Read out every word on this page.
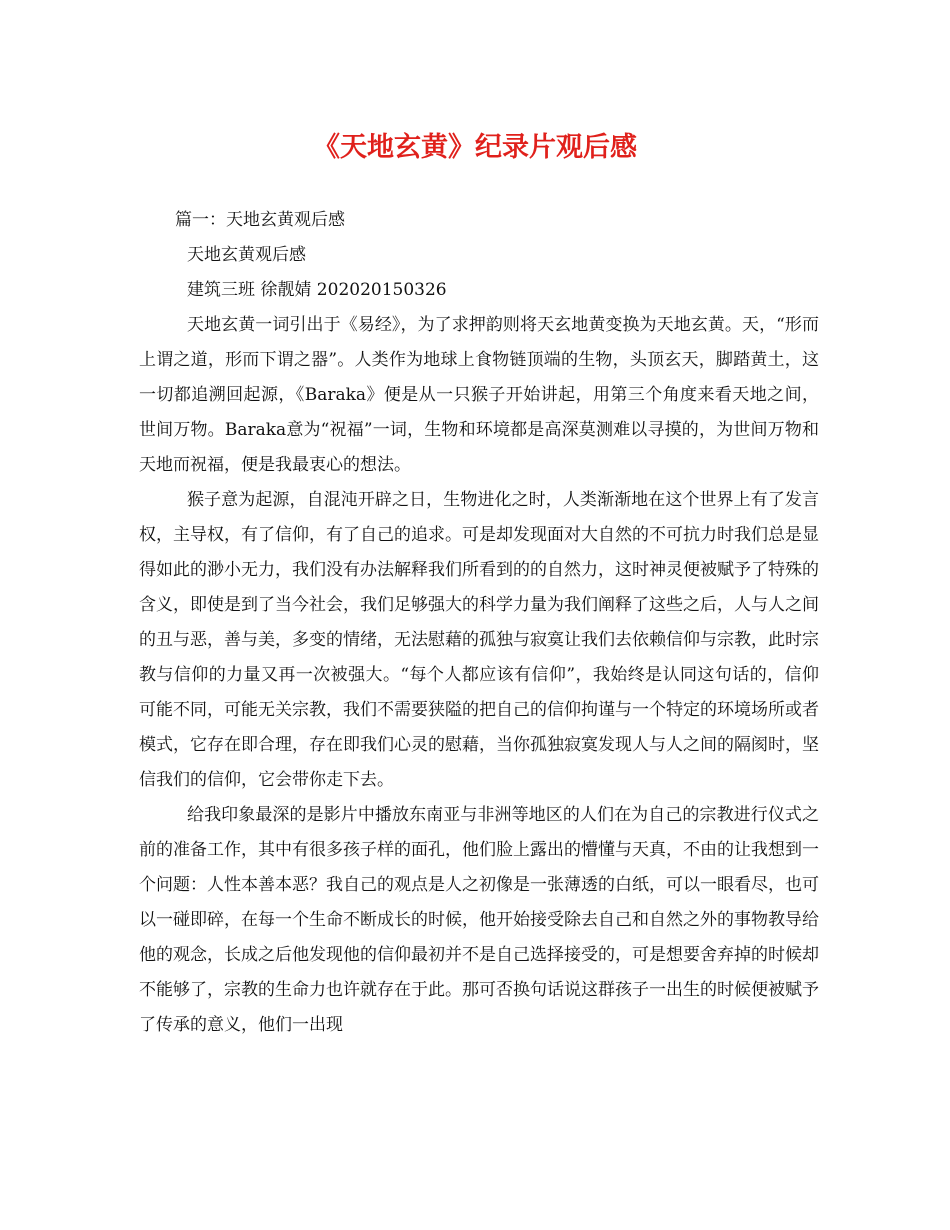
《天地玄黄》纪录片观后感
篇一：天地玄黄观后感
天地玄黄观后感
建筑三班 徐靓婧 202020150326

天地玄黄一词引出于《易经》，为了求押韵则将天玄地黄变换为天地玄黄。天，“形而上谓之道，形而下谓之器”。人类作为地球上食物链顶端的生物，头顶玄天，脚踏黄土，这一切都追溯回起源，《Baraka》便是从一只猴子开始讲起，用第三个角度来看天地之间，世间万物。Baraka意为“祝福”一词，生物和环境都是高深莫测难以寻摸的，为世间万物和天地而祝福，便是我最衷心的想法。

猴子意为起源，自混沌开辟之日，生物进化之时，人类渐渐地在这个世界上有了发言权，主导权，有了信仰，有了自己的追求。可是却发现面对大自然的不可抗力时我们总是显得如此的渺小无力，我们没有办法解释我们所看到的的自然力，这时神灵便被赋予了特殊的含义，即使是到了当今社会，我们足够强大的科学力量为我们阐释了这些之后，人与人之间的丑与恶，善与美，多变的情绪，无法慰藉的孤独与寂寞让我们去依赖信仰与宗教，此时宗教与信仰的力量又再一次被强大。“每个人都应该有信仰”，我始终是认同这句话的，信仰可能不同，可能无关宗教，我们不需要狭隘的把自己的信仰拘谨与一个特定的环境场所或者模式，它存在即合理，存在即我们心灵的慰藉，当你孤独寂寞发现人与人之间的隔阂时，坚信我们的信仰，它会带你走下去。

给我印象最深的是影片中播放东南亚与非洲等地区的人们在为自己的宗教进行仪式之前的准备工作，其中有很多孩子样的面孔，他们脸上露出的懵懂与天真，不由的让我想到一个问题：人性本善本恶？我自己的观点是人之初像是一张薄透的白纸，可以一眼看尽，也可以一碰即碎，在每一个生命不断成长的时候，他开始接受除去自己和自然之外的事物教导给他的观念，长成之后他发现他的信仰最初并不是自己选择接受的，可是想要舍弃掉的时候却不能够了，宗教的生命力也许就存在于此。那可否换句话说这群孩子一出生的时候便被赋予了传承的意义，他们一出现
